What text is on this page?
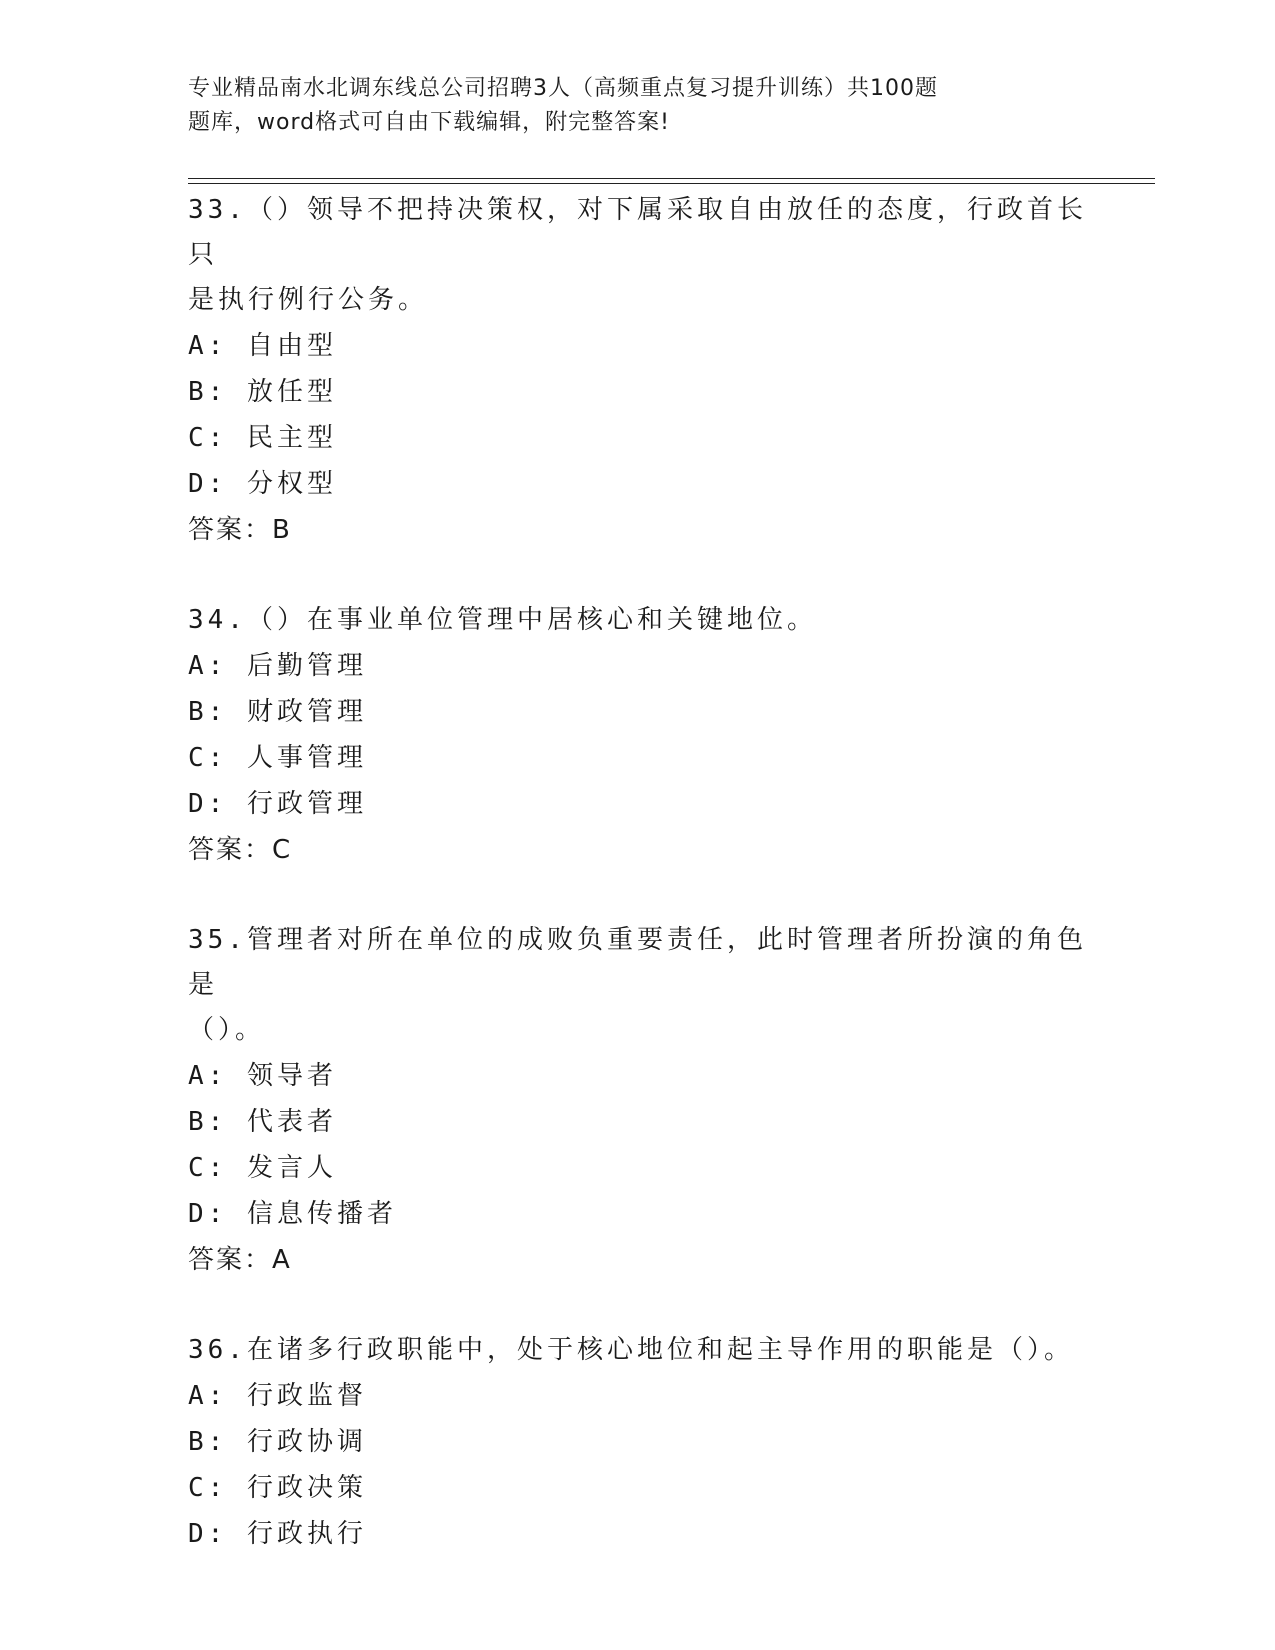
专业精品南水北调东线总公司招聘3人（高频重点复习提升训练）共100题
题库，word格式可自由下载编辑，附完整答案!
33.（）领导不把持决策权，对下属采取自由放任的态度，行政首长只
是执行例行公务。
A: 自由型
B: 放任型
C: 民主型
D: 分权型
答案：B
34.（）在事业单位管理中居核心和关键地位。
A: 后勤管理
B: 财政管理
C: 人事管理
D: 行政管理
答案：C
35.管理者对所在单位的成败负重要责任，此时管理者所扮演的角色是
（）。
A: 领导者
B: 代表者
C: 发言人
D: 信息传播者
答案：A
36.在诸多行政职能中，处于核心地位和起主导作用的职能是（）。
A: 行政监督
B: 行政协调
C: 行政决策
D: 行政执行
